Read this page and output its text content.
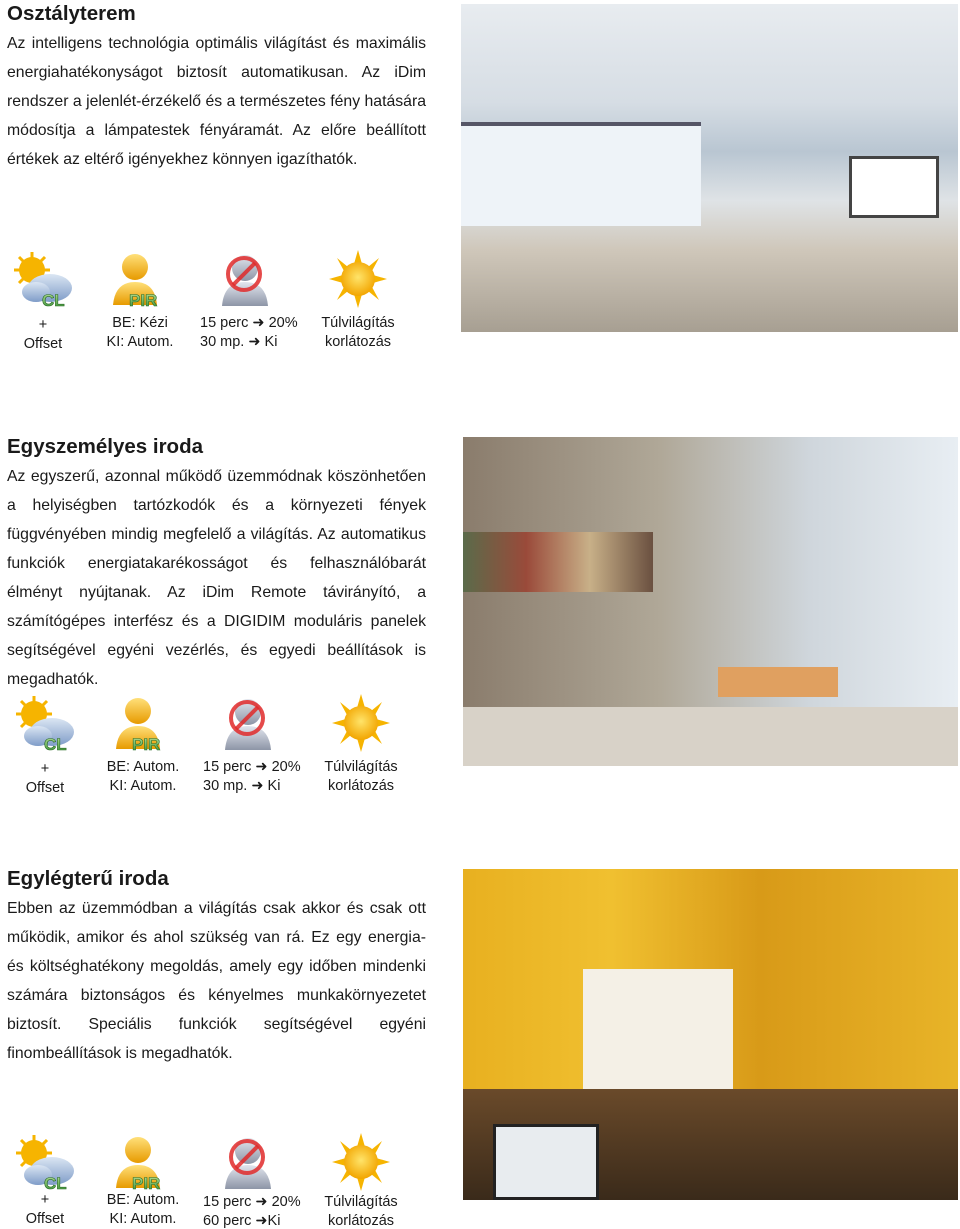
Osztályterem

Az intelligens technológia optimális világítást és maximális energiahatékonyságot biztosít automatikusan. Az iDim rendszer a jelenlét-érzékelő és a természetes fény hatására módosítja a lámpatestek fényáramát. Az előre beállított értékek az eltérő igényekhez könnyen igazíthatók.

CL
+
Offset
PIR
BE: Kézi
KI: Autom.
15 perc ➜ 20%
30 mp. ➜ Ki
Túlvilágítás
korlátozás
Egyszemélyes iroda

Az egyszerű, azonnal működő üzemmódnak köszönhetően a helyiségben tartózkodók és a környezeti fények függvényében mindig megfelelő a világítás. Az automatikus funkciók energiatakarékosságot és felhasználóbarát élményt nyújtanak. Az iDim Remote távirányító, a számítógépes interfész és a DIGIDIM moduláris panelek segítségével egyéni vezérlés, és egyedi beállítások is megadhatók.

CL
+
Offset
PIR
BE: Autom.
KI: Autom.
15 perc ➜ 20%
30 mp. ➜ Ki
Túlvilágítás
korlátozás
Egylégterű iroda

Ebben az üzemmódban a világítás csak akkor és csak ott működik, amikor és ahol szükség van rá. Ez egy energia- és költséghatékony megoldás, amely egy időben mindenki számára biztonságos és kényelmes munkakörnyezetet biztosít. Speciális funkciók segítségével egyéni finombeállítások is megadhatók.

CL
+
Offset
PIR
BE: Autom.
KI: Autom.
15 perc ➜ 20%
60 perc ➜Ki
Túlvilágítás
korlátozás
